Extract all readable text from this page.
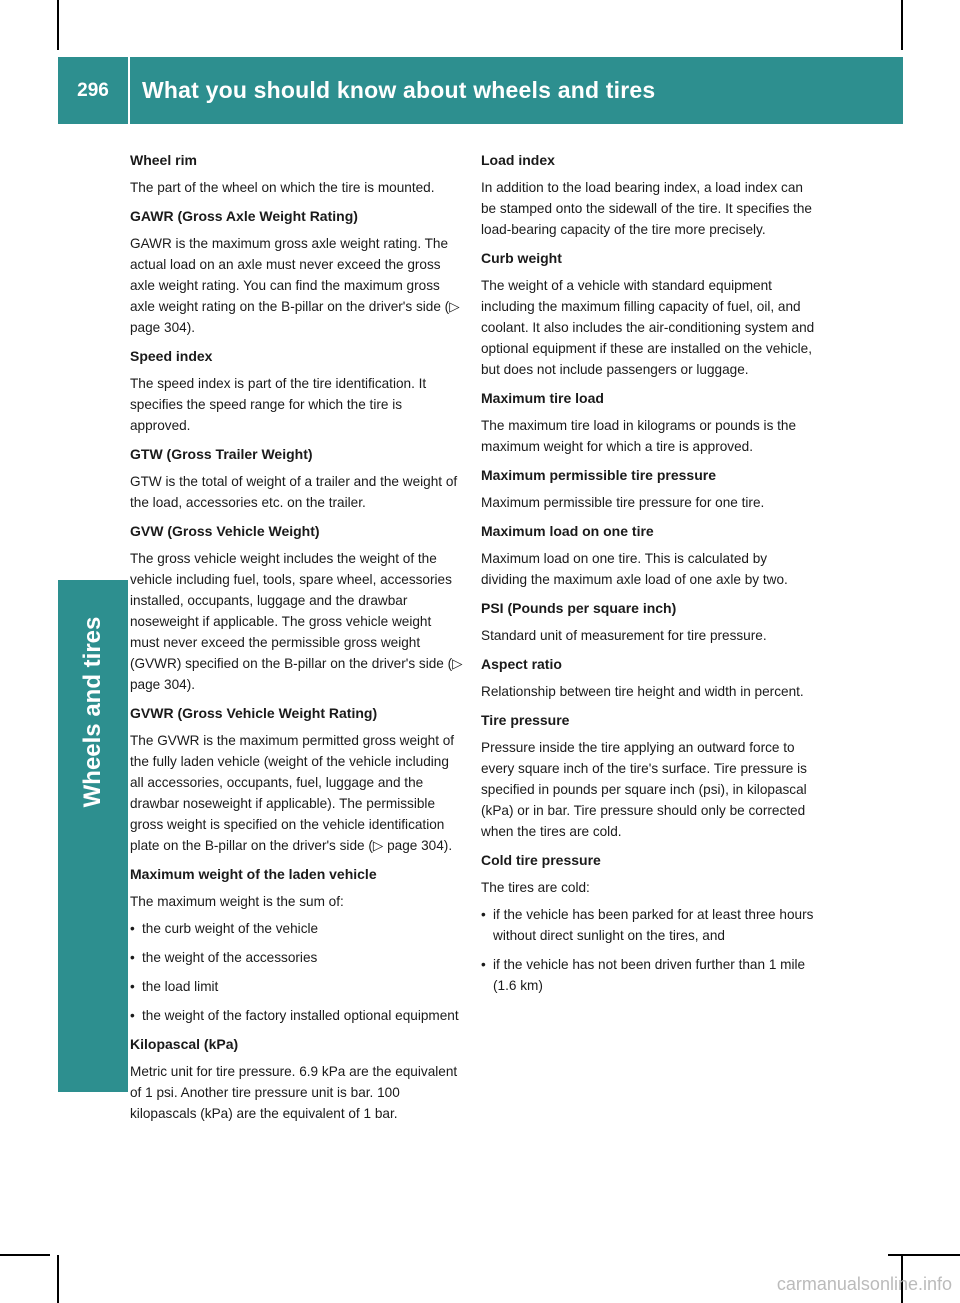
296	What you should know about wheels and tires
Wheels and tires
Wheel rim
The part of the wheel on which the tire is mounted.
GAWR (Gross Axle Weight Rating)
GAWR is the maximum gross axle weight rating. The actual load on an axle must never exceed the gross axle weight rating. You can find the maximum gross axle weight rating on the B-pillar on the driver's side (▷ page 304).
Speed index
The speed index is part of the tire identification. It specifies the speed range for which the tire is approved.
GTW (Gross Trailer Weight)
GTW is the total of weight of a trailer and the weight of the load, accessories etc. on the trailer.
GVW (Gross Vehicle Weight)
The gross vehicle weight includes the weight of the vehicle including fuel, tools, spare wheel, accessories installed, occupants, luggage and the drawbar noseweight if applicable. The gross vehicle weight must never exceed the permissible gross weight (GVWR) specified on the B-pillar on the driver's side (▷ page 304).
GVWR (Gross Vehicle Weight Rating)
The GVWR is the maximum permitted gross weight of the fully laden vehicle (weight of the vehicle including all accessories, occupants, fuel, luggage and the drawbar noseweight if applicable). The permissible gross weight is specified on the vehicle identification plate on the B-pillar on the driver's side (▷ page 304).
Maximum weight of the laden vehicle
The maximum weight is the sum of:
• the curb weight of the vehicle
• the weight of the accessories
• the load limit
• the weight of the factory installed optional equipment
Kilopascal (kPa)
Metric unit for tire pressure. 6.9 kPa are the equivalent of 1 psi. Another tire pressure unit is bar. 100 kilopascals (kPa) are the equivalent of 1 bar.
Load index
In addition to the load bearing index, a load index can be stamped onto the sidewall of the tire. It specifies the load-bearing capacity of the tire more precisely.
Curb weight
The weight of a vehicle with standard equipment including the maximum filling capacity of fuel, oil, and coolant. It also includes the air-conditioning system and optional equipment if these are installed on the vehicle, but does not include passengers or luggage.
Maximum tire load
The maximum tire load in kilograms or pounds is the maximum weight for which a tire is approved.
Maximum permissible tire pressure
Maximum permissible tire pressure for one tire.
Maximum load on one tire
Maximum load on one tire. This is calculated by dividing the maximum axle load of one axle by two.
PSI (Pounds per square inch)
Standard unit of measurement for tire pressure.
Aspect ratio
Relationship between tire height and width in percent.
Tire pressure
Pressure inside the tire applying an outward force to every square inch of the tire's surface. Tire pressure is specified in pounds per square inch (psi), in kilopascal (kPa) or in bar. Tire pressure should only be corrected when the tires are cold.
Cold tire pressure
The tires are cold:
• if the vehicle has been parked for at least three hours without direct sunlight on the tires, and
• if the vehicle has not been driven further than 1 mile (1.6 km)
carmanualsonline.info
